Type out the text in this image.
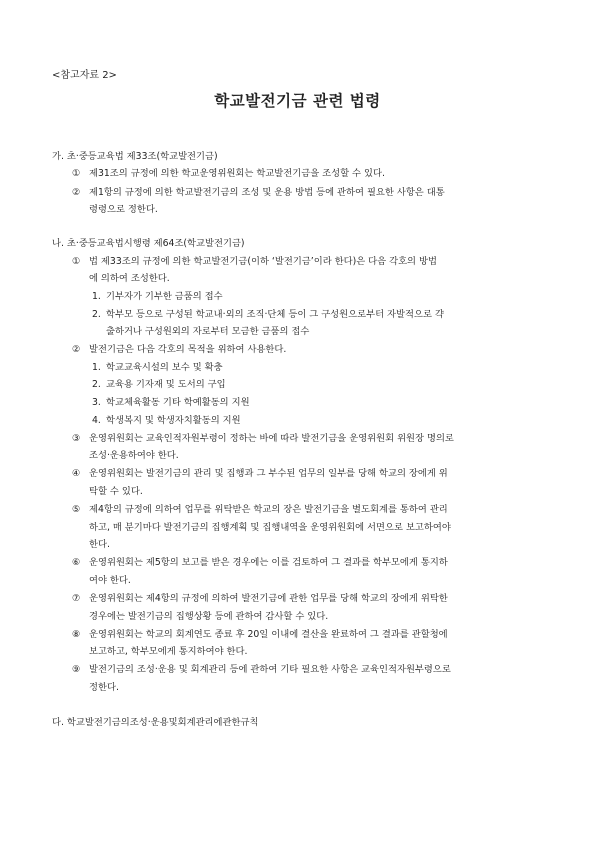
<참고자료 2>
학교발전기금 관련 법령
가. 초·중등교육법 제33조(학교발전기금)
① 제31조의 규정에 의한 학교운영위원회는 학교발전기금을 조성할 수 있다.
② 제1항의 규정에 의한 학교발전기금의 조성 및 운용 방법 등에 관하여 필요한 사항은 대통
령령으로 정한다.
나. 초·중등교육법시행령 제64조(학교발전기금)
① 법 제33조의 규정에 의한 학교발전기금(이하 ‘발전기금’이라 한다)은 다음 각호의 방법
에 의하여 조성한다.
1. 기부자가 기부한 금품의 접수
2. 학부모 등으로 구성된 학교내·외의 조직·단체 등이 그 구성원으로부터 자발적으로 갹
출하거나 구성원외의 자로부터 모금한 금품의 접수
② 발전기금은 다음 각호의 목적을 위하여 사용한다.
1. 학교교육시설의 보수 및 확충
2. 교육용 기자재 및 도서의 구입
3. 학교체육활동 기타 학예활동의 지원
4. 학생복지 및 학생자치활동의 지원
③ 운영위원회는 교육인적자원부령이 정하는 바에 따라 발전기금을 운영위원회 위원장 명의로
조성·운용하여야 한다.
④ 운영위원회는 발전기금의 관리 및 집행과 그 부수된 업무의 일부를 당해 학교의 장에게 위
탁할 수 있다.
⑤ 제4항의 규정에 의하여 업무를 위탁받은 학교의 장은 발전기금을 별도회계를 통하여 관리
하고, 매 분기마다 발전기금의 집행계획 및 집행내역을 운영위원회에 서면으로 보고하여야
한다.
⑥ 운영위원회는 제5항의 보고를 받은 경우에는 이를 검토하여 그 결과를 학부모에게 통지하
여야 한다.
⑦ 운영위원회는 제4항의 규정에 의하여 발전기금에 관한 업무를 당해 학교의 장에게 위탁한
경우에는 발전기금의 집행상황 등에 관하여 감사할 수 있다.
⑧ 운영위원회는 학교의 회계연도 종료 후 20일 이내에 결산을 완료하여 그 결과를 관할청에
보고하고, 학부모에게 통지하여야 한다.
⑨ 발전기금의 조성·운용 및 회계관리 등에 관하여 기타 필요한 사항은 교육인적자원부령으로
정한다.
다. 학교발전기금의조성·운용및회계관리에관한규칙
